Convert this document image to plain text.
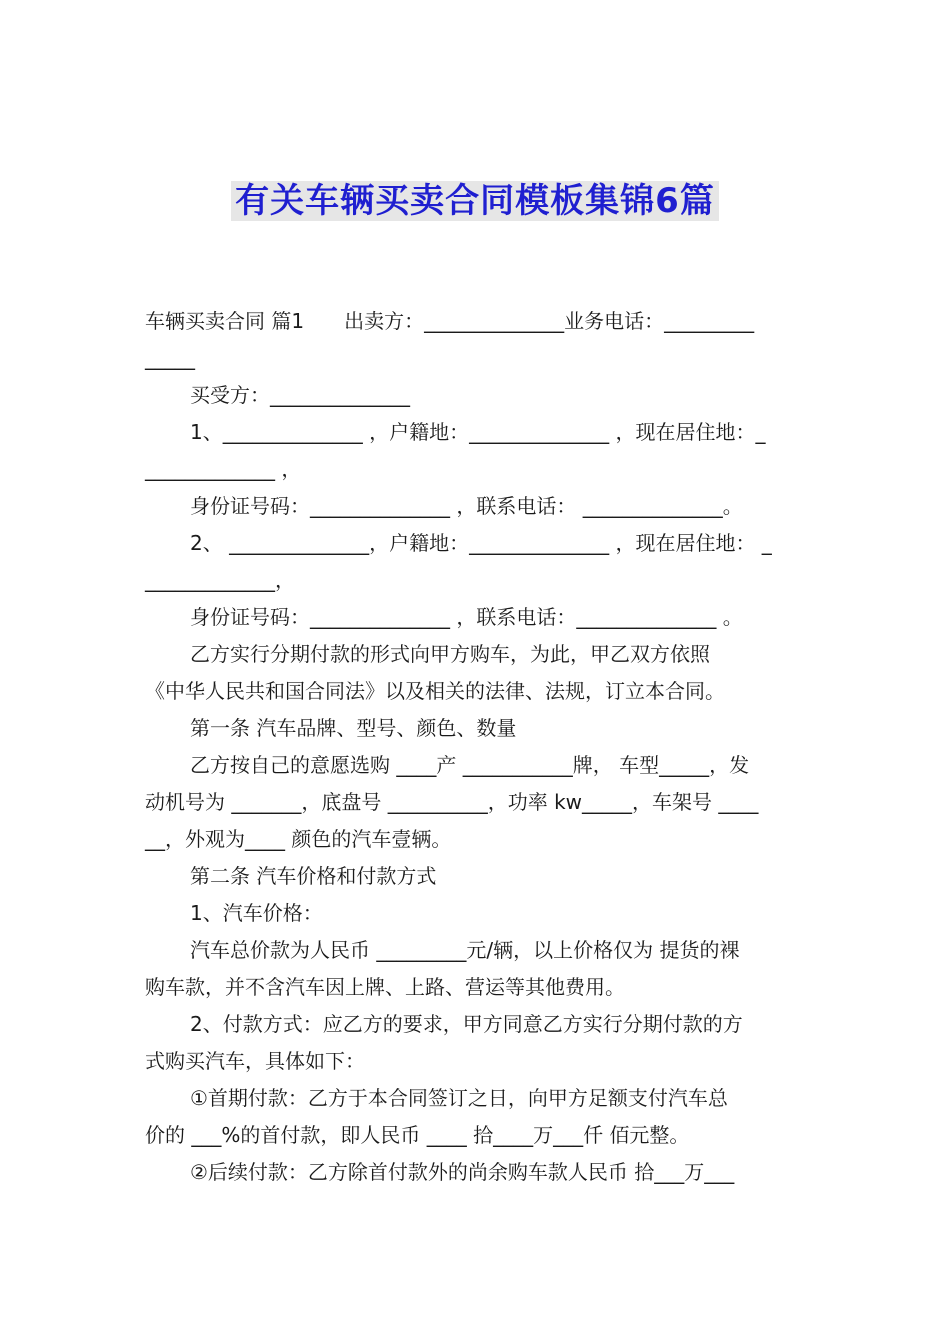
有关车辆买卖合同模板集锦6篇
车辆买卖合同 篇1　　出卖方：______________业务电话：_________
_____
买受方：______________
1、______________ ，户籍地：______________ ，现在居住地：_
_____________ ，
身份证号码：______________ ，联系电话： ______________。
2、 ______________，户籍地：______________ ，现在居住地： _
_____________，
身份证号码：______________ ，联系电话：______________ 。
乙方实行分期付款的形式向甲方购车，为此，甲乙双方依照
《中华人民共和国合同法》以及相关的法律、法规，订立本合同。
第一条 汽车品牌、型号、颜色、数量
乙方按自己的意愿选购 ____产 ___________牌， 车型_____，发
动机号为 _______，底盘号 __________，功率 kw_____，车架号 ____
__，外观为____ 颜色的汽车壹辆。
第二条 汽车价格和付款方式
1、汽车价格：
汽车总价款为人民币 _________元/辆，以上价格仅为 提货的裸
购车款，并不含汽车因上牌、上路、营运等其他费用。
2、付款方式：应乙方的要求，甲方同意乙方实行分期付款的方
式购买汽车，具体如下：
①首期付款：乙方于本合同签订之日，向甲方足额支付汽车总
价的 ___%的首付款，即人民币 ____ 拾____万___仟 佰元整。
②后续付款：乙方除首付款外的尚余购车款人民币 拾___万___
